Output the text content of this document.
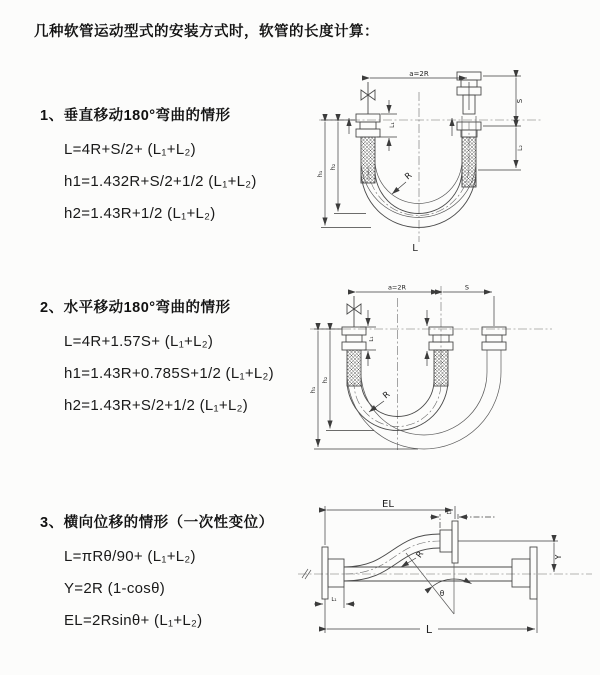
几种软管运动型式的安装方式时，软管的长度计算：
1、垂直移动180°弯曲的情形
L=4R+S/2+ (L₁+L₂)
h1=1.432R+S/2+1/2 (L₁+L₂)
h2=1.43R+1/2 (L₁+L₂)
a=2R
h₁
h₂
L₁
S
L₂
R
L
2、水平移动180°弯曲的情形
L=4R+1.57S+ (L₁+L₂)
h1=1.43R+0.785S+1/2 (L₁+L₂)
h2=1.43R+S/2+1/2 (L₁+L₂)
a=2R	S
h₁
h₂
L₁
R
3、横向位移的情形（一次性变位）
L=πRθ/90+ (L₁+L₂)
Y=2R (1-cosθ)
EL=2Rsinθ+ (L₁+L₂)
EL
L₂
Y
L
L₁
θ
R
